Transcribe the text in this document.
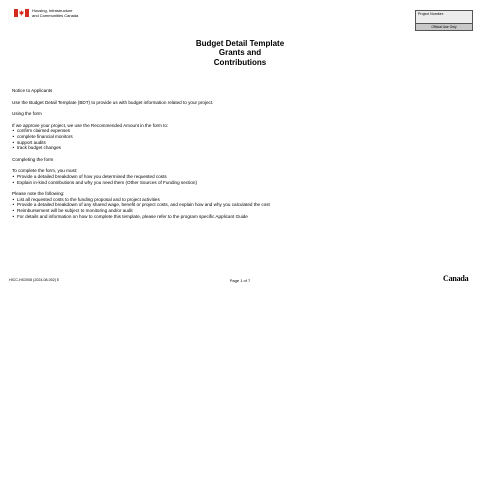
Housing, Infrastructure
and Communities Canada	Project Number:
Official Use Only
Budget Detail Template
Grants and
Contributions

Notice to Applicants

Use the Budget Detail Template (BDT) to provide us with budget information related to your project.

Using the form

If we approve your project, we use the Recommended Amount in the form to:

• confirm claimed expenses
• complete financial monitors
• support audits
• track budget changes

Completing the form

To complete the form, you must:

• Provide a detailed breakdown of how you determined the requested costs
• Explain in-kind contributions and why you need them (Other Sources of Funding section)

Please note the following:

• List all requested costs to the funding proposal and to project activities
• Provide a detailed breakdown of any shared wage, benefit or project costs, and explain how and why you calculated the cost
• Reimbursement will be subject to monitoring and/or audit
• For details and information on how to complete this template, please refer to the program specific Applicant Guide
HICC-HICI008 (2024-08-002) E	Page 1 of 7	Canada
